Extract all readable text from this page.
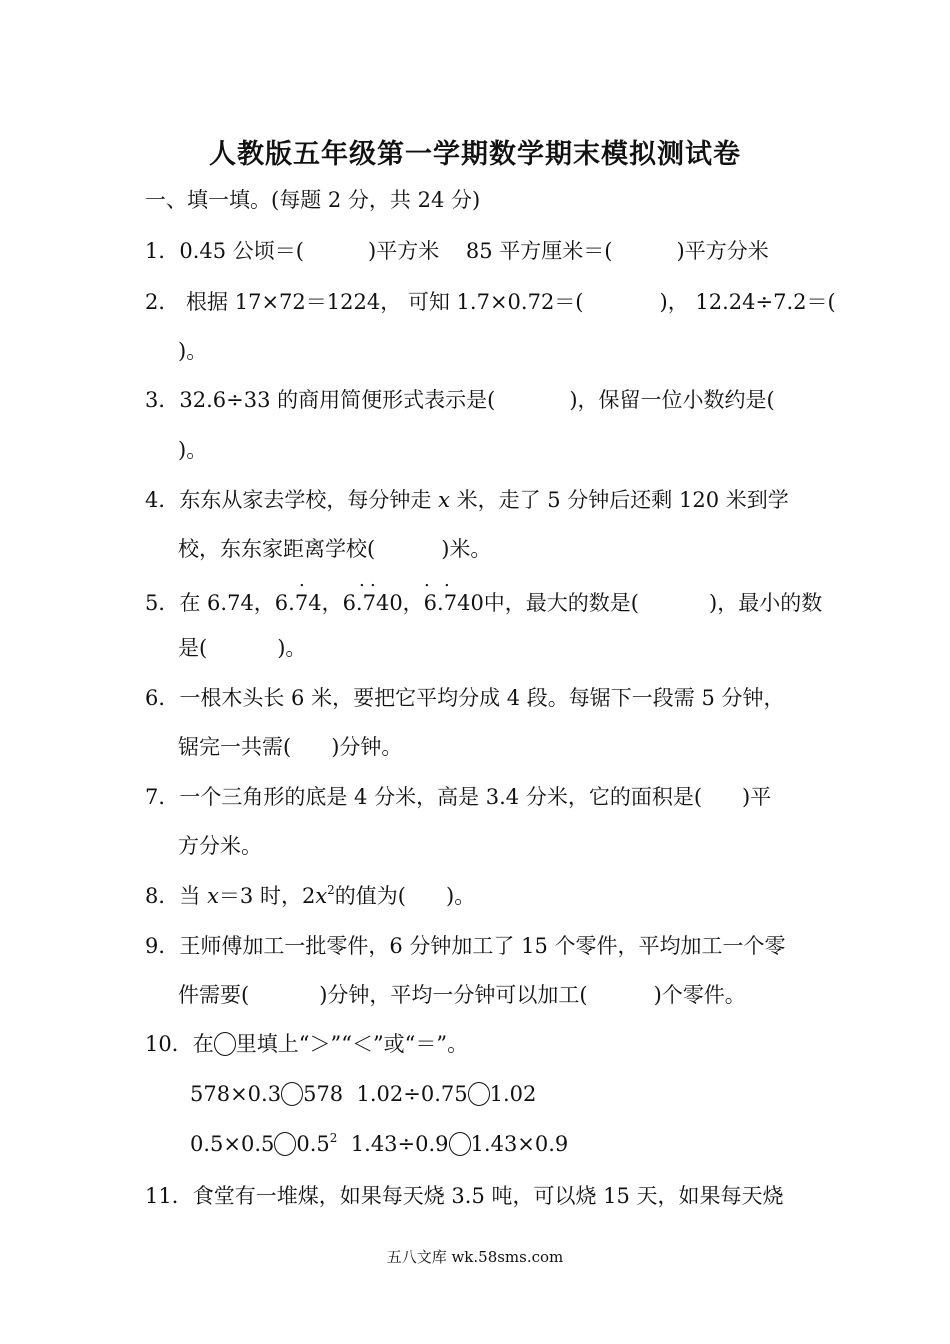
人教版五年级第一学期数学期末模拟测试卷
一、填一填。(每题 2 分，共 24 分)
1．0.45 公顷＝(	)平方米    85 平方厘米＝(	)平方分米
2． 根据 17×72＝1224， 可知 1.7×0.72＝(	)， 12.24÷7.2＝(
)。
3．32.6÷33 的商用简便形式表示是(	)，保留一位小数约是(
)。
4．东东从家去学校，每分钟走 x 米，走了 5 分钟后还剩 120 米到学
校，东东家距离学校(	)米。
.	. .	. .
5．在 6.74，6.74，6.740，6.740中，最大的数是(	)，最小的数
是(	)。
6．一根木头长 6 米，要把它平均分成 4 段。每锯下一段需 5 分钟，
锯完一共需( )分钟。
7．一个三角形的底是 4 分米，高是 3.4 分米，它的面积是( )平
方分米。
8．当 x＝3 时，$2x^2$的值为( )。
9．王师傅加工一批零件，6 分钟加工了 15 个零件，平均加工一个零
件需要(	)分钟，平均一分钟可以加工(	)个零件。
10．在 里填上“＞”“＜”或“＝”。
578×0.3 578  1.02÷0.75 1.02
0.5×0.5 $0.5^2$  1.43÷0.9 1.43×0.9
11．食堂有一堆煤，如果每天烧 3.5 吨，可以烧 15 天，如果每天烧
五八文库 wk.58sms.com
